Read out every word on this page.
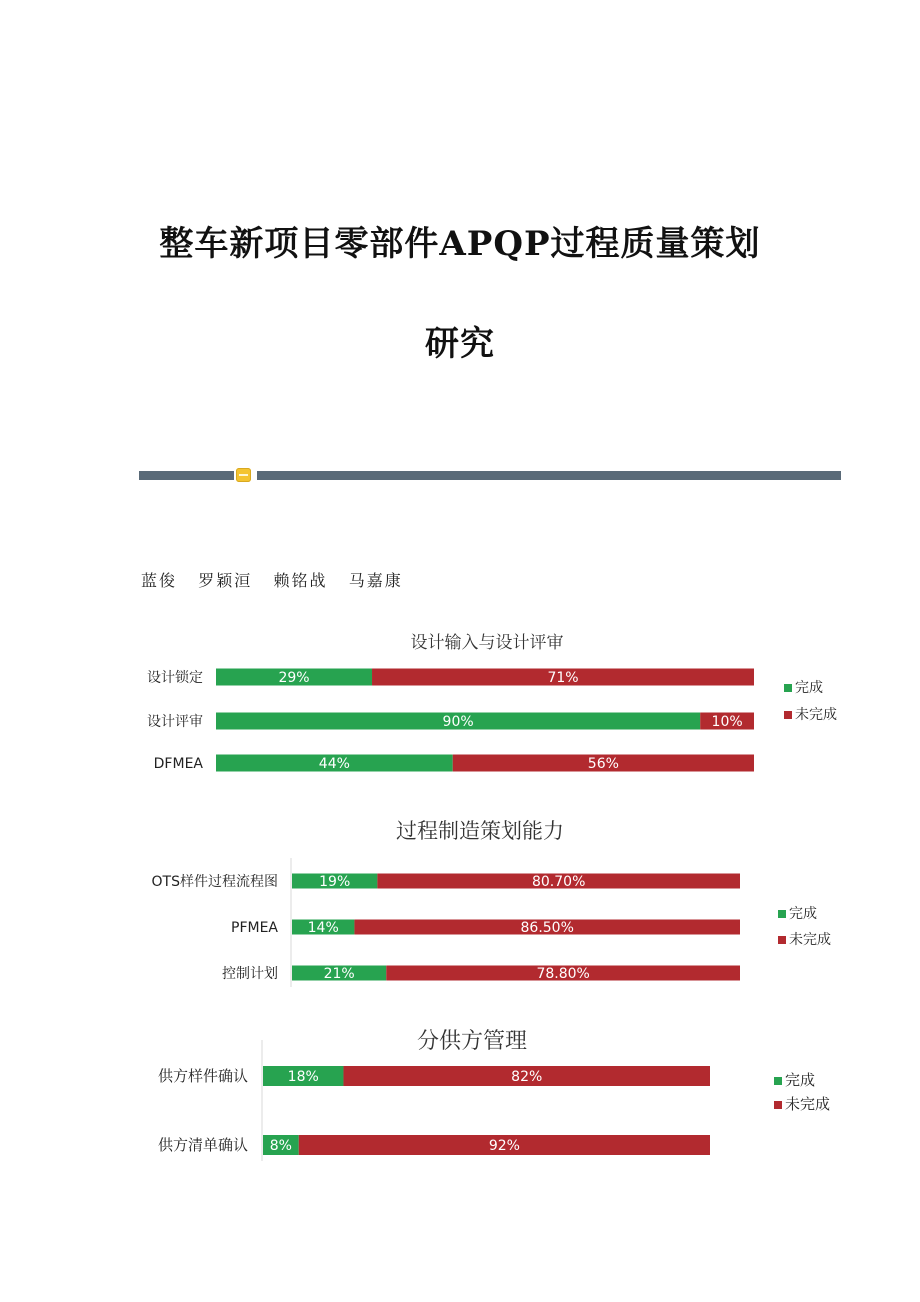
整车新项目零部件APQP过程质量策划
研究
蓝俊   罗颖洹   赖铭战   马嘉康
设计输入与设计评审
设计锁定	29%	71%
设计评审	90%	10%
DFMEA	44%	56%
完成
未完成
过程制造策划能力
OTS样件过程流程图	19%	80.70%
PFMEA 14%	86.50%
控制计划	21%	78.80%
完成
未完成
分供方管理
供方样件确认	18%	82%
供方清单确认 8%	92%
完成
未完成
